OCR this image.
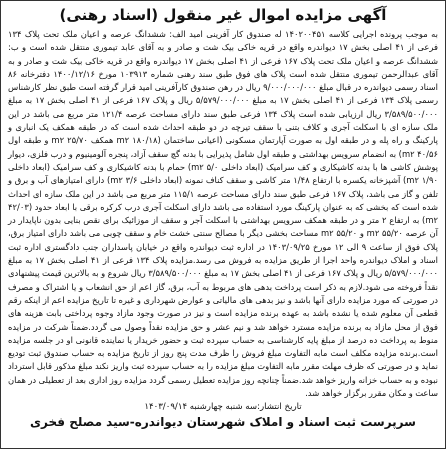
آگهی مزایده اموال غیر منقول (اسناد رهنی)

به موجب پرونده اجرایی کلاسه ۱۴۰۲۰۰۴۵۱ له صندوق کار آفرینی امید الف: ششدانگ عرصه و اعیان ملک تحت پلاک ۱۳۴ فرعی از ۴۱ اصلی بخش ۱۷ دیواندره واقع در قریه خاکی بیک شت و صادر و به آقای عابد تیموری منتقل شده است و ب: ششدانگ عرصه و اعیان ملک تحت پلاک ۱۶۷ فرعی از ۴۱ اصلی بخش ۱۷ دیواندره واقع در قریه خاکی بیک شت و صادر و به آقای عبدالرحمن تیموری منتقل شده است پلاک های فوق طبق سند رهنی شماره ۱۰۳۹۱۳ مورخ ۱۴۰۰/۱۲/۱۶ دفترخانه ۸۶ اسناد رسمی دیواندره در قبال مبلغ ۹/۰۰۰/۰۰۰/۰۰۰ ریال در رهن صندوق کارآفرینی امید قرار گرفته است طبق نظر کارشناس رسمی پلاک ۱۳۴ فرعی از ۴۱ اصلی بخش ۱۷ به مبلغ ۵/۵۷۹/۰۰۰/۰۰۰ ریال و پلاک ۱۶۷ فرعی از ۴۱ اصلی بخش ۱۷ به مبلغ ۳/۵۸۹/۵۰۰/۰۰۰ ریال ارزیابی شده است پلاک ۱۳۴ فرعی طبق سند دارای مساحت عرصه ۱۲۱/۴ متر مربع می باشد در این ملک سازه ای با اسکلت آجری و کلاف بتنی با سقف تیرچه در دو طبقه احداث شده است که در طبقه همکف یک انباری و پارکینگ و راه پله و در طبقه اول به صورت آپارتمان مسکونی (اعیانی ساختمان (۱۸۰/۱۸ m۲ همکف ۲۵/۷۰ m۲ و طبقه اول ۴۰/۵۶ m۲) به انضمام سرویس بهداشتی و طبقه اول شامل پذیرایی با بدنه گچ سقف آزاد، پنجره آلومینیوم و درب فلزی، دیوار پوشش کاشی ها با بدنه کاشیکاری و کف سرامیک (ابعاد داخلی ۵/۰ m۲) حمام با بدنه کاشیکاری و کف سرامیک (ابعاد داخلی ۱/۹۰ m۲) آشپزخانه یکسره با ارتفاع ۱/۴۸ متر کاشی و سقف کناف نمونه (ابعاد داخلی ۳/۶ m۲) دارای امتیازهای آب و برق و تلفن و گاز می باشد، پلاک ۱۶۷ فرعی طبق سند دارای مساحت عرصه ۱۱۵/۱ متر مربع می باشد در این ملک سازه ای احداث شده است که بخشی که به عنوان پارکینگ مورد استفاده می باشد دارای اسکلت آجری درب کرکره برقی با ابعاد حدود (۴۲/۰۳ m۲) به ارتفاع ۲ متر و در طبقه همکف سرویس بهداشتی با اسکلت آجر و سقف از موزائیک برای نقص بنایی بدون ناپایدار در آن عرصه ۵۵/۲۰ m۲ و ۵۵/۲۰ m۲ مساحت بخشی دیگر با مصالح سنتی خشت خام و سقف چوبی می باشد دارای امتیاز برق، پلاک فوق از ساعت ۹ الی ۱۲ مورخ ۱۴۰۳/۰۹/۲۵ در اداره ثبت دیواندره واقع در خیابان پاسداران جنب دادگستری اداره ثبت اسناد و املاک دیواندره واحد اجرا از طریق مزایده به فروش می رسد.مزایده پلاک ۱۳۴ فرعی از ۴۱ اصلی بخش ۱۷ به مبلغ ۵/۵۷۹/۰۰۰/۰۰۰ ریال و پلاک ۱۶۷ فرعی از ۴۱ اصلی بخش ۱۷ به مبلغ ۳/۵۸۹/۵۰۰/۰۰۰ ریال شروع و به بالاترین قیمت پیشنهادی نقداً فروخته می شود.لازم به ذکر است پرداخت بدهی های مربوط به آب، برق، گاز اعم از حق انشعاب و یا اشتراک و مصرف در صورتی که مورد مزایده دارای آنها باشد و نیز بدهی های مالیاتی و عوارض شهرداری و غیره تا تاریخ مزایده اعم از اینکه رقم قطعی آن معلوم شده یا نشده باشد به عهده برنده مزایده است و نیز در صورت وجود مازاد وجوه پرداختی بابت هزینه های فوق از محل مازاد به برنده مزایده مسترد خواهد شد و نیم عشر و حق مزایده نقداً وصول می گردد.ضمناً شرکت در مزایده منوط به پرداخت ده درصد از مبلغ پایه کارشناسی به حساب سپرده ثبت و حضور خریدار یا نماینده قانونی او در جلسه مزایده است.برنده مزایده مکلف است مابه التفاوت مبلغ فروش را ظرف مدت پنج روز از تاریخ مزایده به حساب صندوق ثبت تودیع نماید و در صورتی که ظرف مهلت مقرر مابه التفاوت مبلغ مزایده را به حساب سپرده ثبت واریز نکند مبلغ مذکور قابل استرداد نبوده و به حساب خزانه واریز خواهد شد.ضمناً چنانچه روز مزایده تعطیل رسمی گردد مزایده روز اداری بعد از تعطیلی در همان ساعت و مکان مقرر برگزار خواهد شد.

تاریخ انتشار:سه شنبه چهارشنبه ۱۴۰۳/۰۹/۱۴
سرپرست ثبت اسناد و املاک شهرستان دیواندره-سید مصلح فخری
